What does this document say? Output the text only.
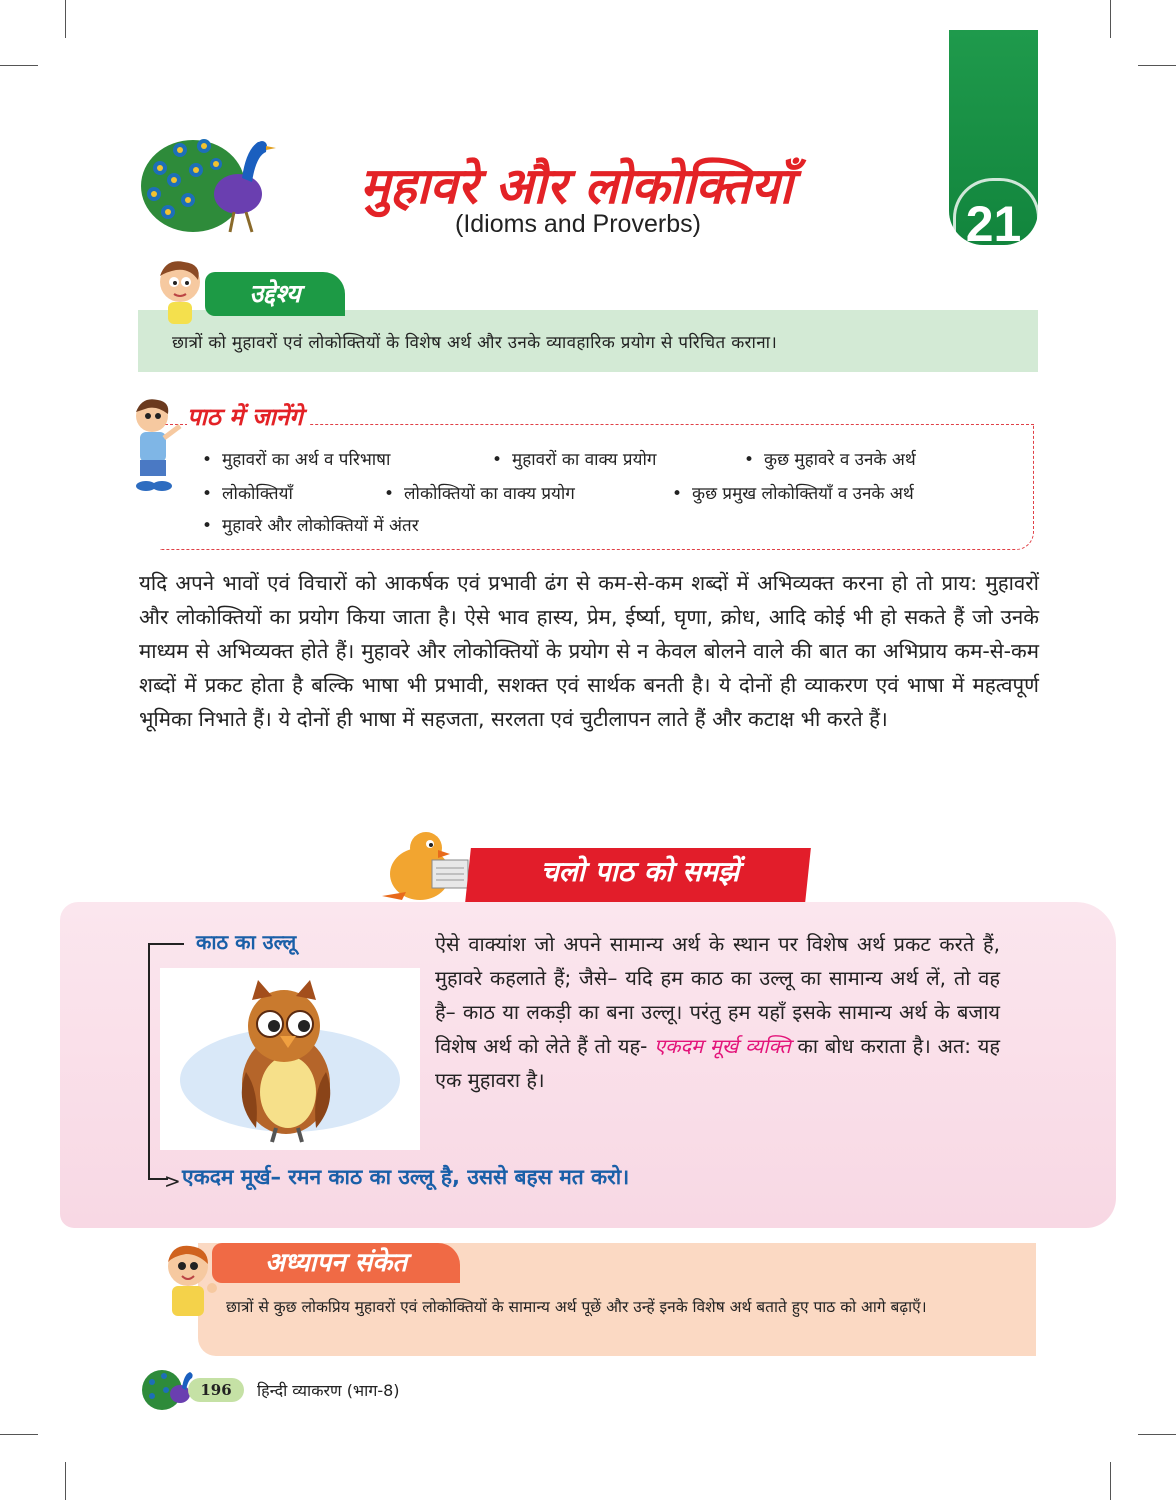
मुहावरे और लोकोक्तियाँ
(Idioms and Proverbs)	21
उद्देश्य
छात्रों को मुहावरों एवं लोकोक्तियों के विशेष अर्थ और उनके व्यावहारिक प्रयोग से परिचित कराना।
पाठ में जानेंगे
• मुहावरों का अर्थ व परिभाषा	• मुहावरों का वाक्य प्रयोग	• कुछ मुहावरे व उनके अर्थ
• लोकोक्तियाँ	• लोकोक्तियों का वाक्य प्रयोग	• कुछ प्रमुख लोकोक्तियाँ व उनके अर्थ
• मुहावरे और लोकोक्तियों में अंतर
यदि अपने भावों एवं विचारों को आकर्षक एवं प्रभावी ढंग से कम-से-कम शब्दों में अभिव्यक्त करना हो तो प्राय: मुहावरों और लोकोक्तियों का प्रयोग किया जाता है। ऐसे भाव हास्य, प्रेम, ईर्ष्या, घृणा, क्रोध, आदि कोई भी हो सकते हैं जो उनके माध्यम से अभिव्यक्त होते हैं। मुहावरे और लोकोक्तियों के प्रयोग से न केवल बोलने वाले की बात का अभिप्राय कम-से-कम शब्दों में प्रकट होता है बल्कि भाषा भी प्रभावी, सशक्त एवं सार्थक बनती है। ये दोनों ही व्याकरण एवं भाषा में महत्वपूर्ण भूमिका निभाते हैं। ये दोनों ही भाषा में सहजता, सरलता एवं चुटीलापन लाते हैं और कटाक्ष भी करते हैं।
चलो पाठ को समझें
>
काठ का उल्लू	ऐसे वाक्यांश जो अपने सामान्य अर्थ के स्थान पर विशेष अर्थ प्रकट करते हैं, मुहावरे कहलाते हैं; जैसे– यदि हम काठ का उल्लू का सामान्य अर्थ लें, तो वह है– काठ या लकड़ी का बना उल्लू। परंतु हम यहाँ इसके सामान्य अर्थ के बजाय विशेष अर्थ को लेते हैं तो यह- एकदम मूर्ख व्यक्ति का बोध कराता है। अत: यह एक मुहावरा है।
एकदम मूर्ख– रमन काठ का उल्लू है, उससे बहस मत करो।
अध्यापन संकेत
छात्रों से कुछ लोकप्रिय मुहावरों एवं लोकोक्तियों के सामान्य अर्थ पूछें और उन्हें इनके विशेष अर्थ बताते हुए पाठ को आगे बढ़ाएँ।
196	हिन्दी व्याकरण (भाग-8)
